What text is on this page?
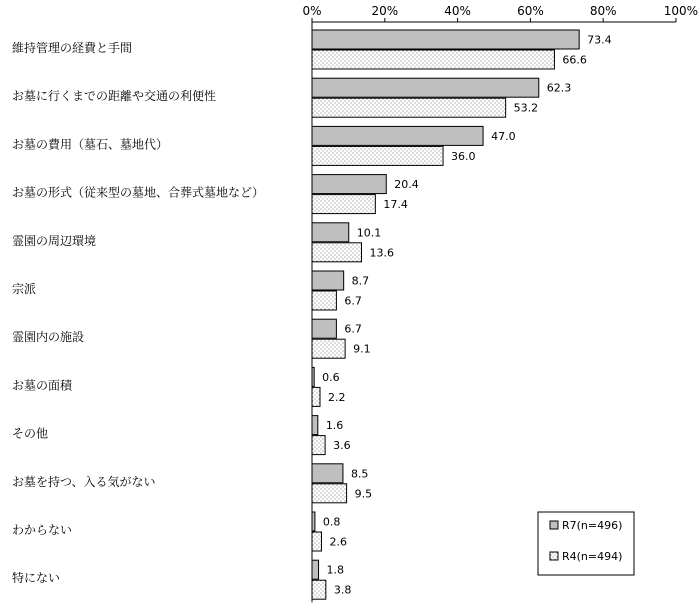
0%	20%	40%	60%	80%	100%
維持管理の経費と手間
お墓に行くまでの距離や交通の利便性
お墓の費用（墓石、墓地代）
お墓の形式（従来型の墓地、合葬式墓地など）
霊園の周辺環境
宗派
霊園内の施設
お墓の面積
その他
お墓を持つ、入る気がない
わからない
特にない
73.4
66.6
62.3
53.2
47.0
36.0
20.4
17.4
10.1
13.6
8.7
6.7
6.7
9.1
0.6
2.2
1.6
3.6
8.5
9.5
0.8
2.6
1.8
3.8
R7(n=496)
R4(n=494)
